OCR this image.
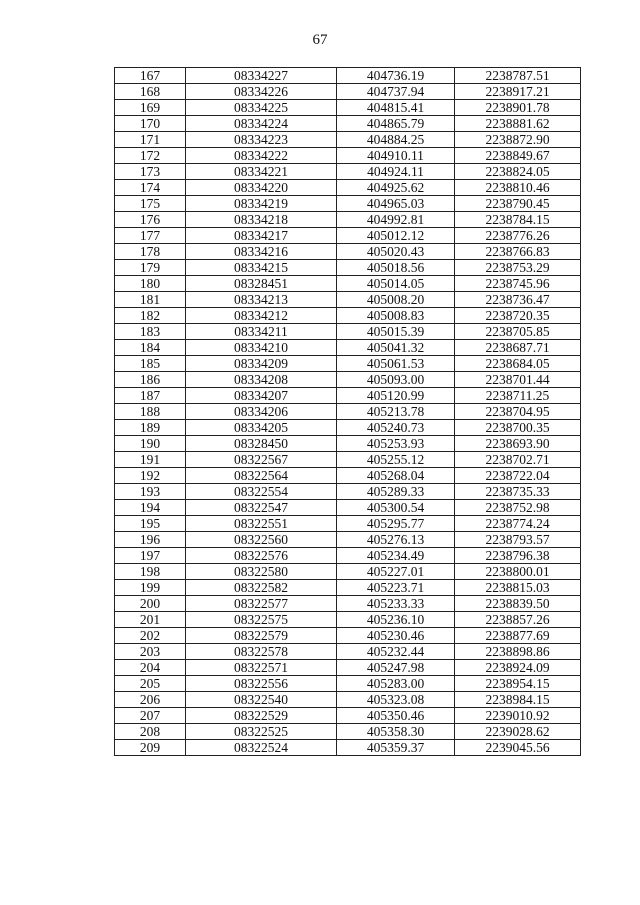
67
167	08334227	404736.19	2238787.51
168	08334226	404737.94	2238917.21
169	08334225	404815.41	2238901.78
170	08334224	404865.79	2238881.62
171	08334223	404884.25	2238872.90
172	08334222	404910.11	2238849.67
173	08334221	404924.11	2238824.05
174	08334220	404925.62	2238810.46
175	08334219	404965.03	2238790.45
176	08334218	404992.81	2238784.15
177	08334217	405012.12	2238776.26
178	08334216	405020.43	2238766.83
179	08334215	405018.56	2238753.29
180	08328451	405014.05	2238745.96
181	08334213	405008.20	2238736.47
182	08334212	405008.83	2238720.35
183	08334211	405015.39	2238705.85
184	08334210	405041.32	2238687.71
185	08334209	405061.53	2238684.05
186	08334208	405093.00	2238701.44
187	08334207	405120.99	2238711.25
188	08334206	405213.78	2238704.95
189	08334205	405240.73	2238700.35
190	08328450	405253.93	2238693.90
191	08322567	405255.12	2238702.71
192	08322564	405268.04	2238722.04
193	08322554	405289.33	2238735.33
194	08322547	405300.54	2238752.98
195	08322551	405295.77	2238774.24
196	08322560	405276.13	2238793.57
197	08322576	405234.49	2238796.38
198	08322580	405227.01	2238800.01
199	08322582	405223.71	2238815.03
200	08322577	405233.33	2238839.50
201	08322575	405236.10	2238857.26
202	08322579	405230.46	2238877.69
203	08322578	405232.44	2238898.86
204	08322571	405247.98	2238924.09
205	08322556	405283.00	2238954.15
206	08322540	405323.08	2238984.15
207	08322529	405350.46	2239010.92
208	08322525	405358.30	2239028.62
209	08322524	405359.37	2239045.56
